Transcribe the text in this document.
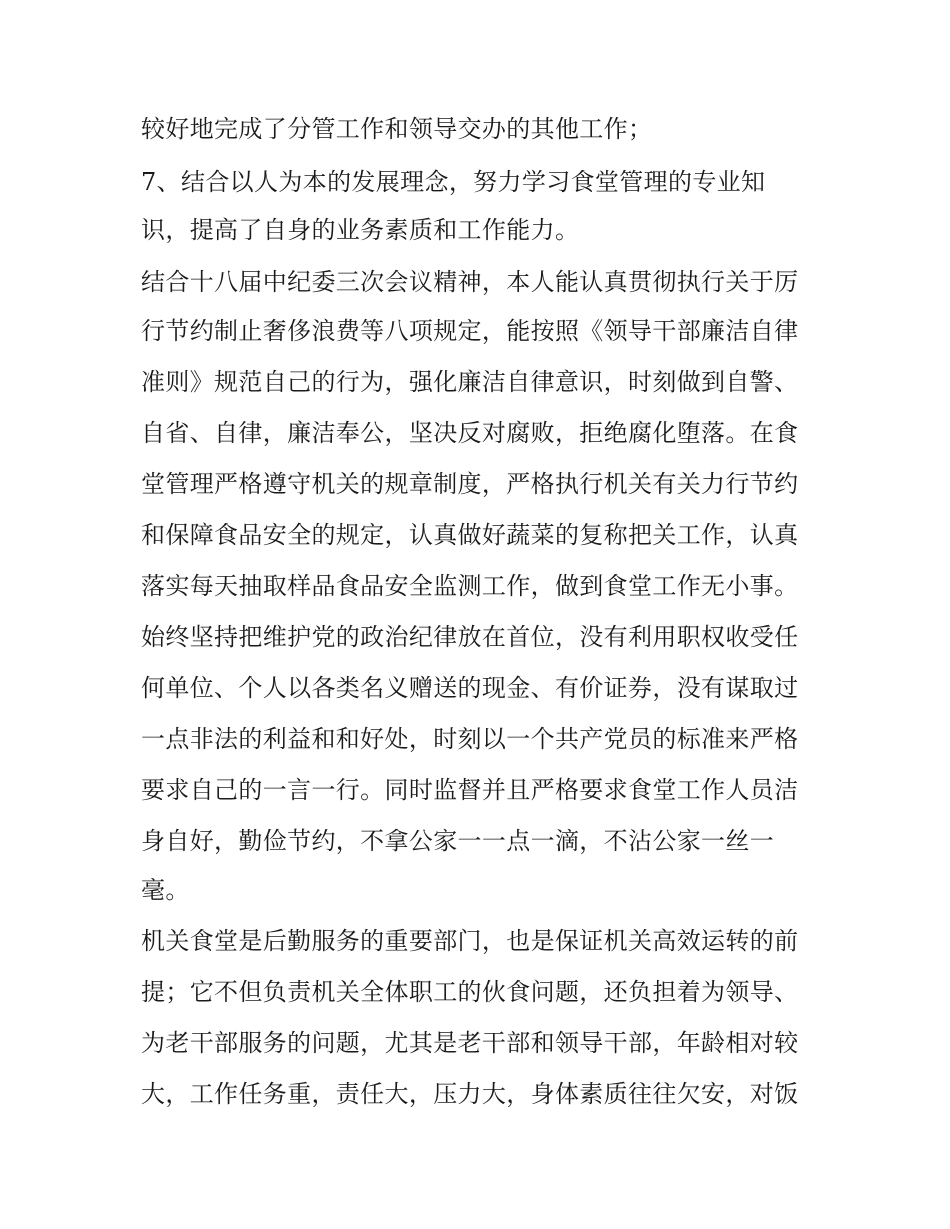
较好地完成了分管工作和领导交办的其他工作；
7、结合以人为本的发展理念，努力学习食堂管理的专业知
识，提高了自身的业务素质和工作能力。
结合十八届中纪委三次会议精神，本人能认真贯彻执行关于厉
行节约制止奢侈浪费等八项规定，能按照《领导干部廉洁自律
准则》规范自己的行为，强化廉洁自律意识，时刻做到自警、
自省、自律，廉洁奉公，坚决反对腐败，拒绝腐化堕落。在食
堂管理严格遵守机关的规章制度，严格执行机关有关力行节约
和保障食品安全的规定，认真做好蔬菜的复称把关工作，认真
落实每天抽取样品食品安全监测工作，做到食堂工作无小事。
始终坚持把维护党的政治纪律放在首位，没有利用职权收受任
何单位、个人以各类名义赠送的现金、有价证券，没有谋取过
一点非法的利益和和好处，时刻以一个共产党员的标准来严格
要求自己的一言一行。同时监督并且严格要求食堂工作人员洁
身自好，勤俭节约，不拿公家一一点一滴，不沾公家一丝一
毫。
机关食堂是后勤服务的重要部门，也是保证机关高效运转的前
提；它不但负责机关全体职工的伙食问题，还负担着为领导、
为老干部服务的问题，尤其是老干部和领导干部，年龄相对较
大，工作任务重，责任大，压力大，身体素质往往欠安，对饭
